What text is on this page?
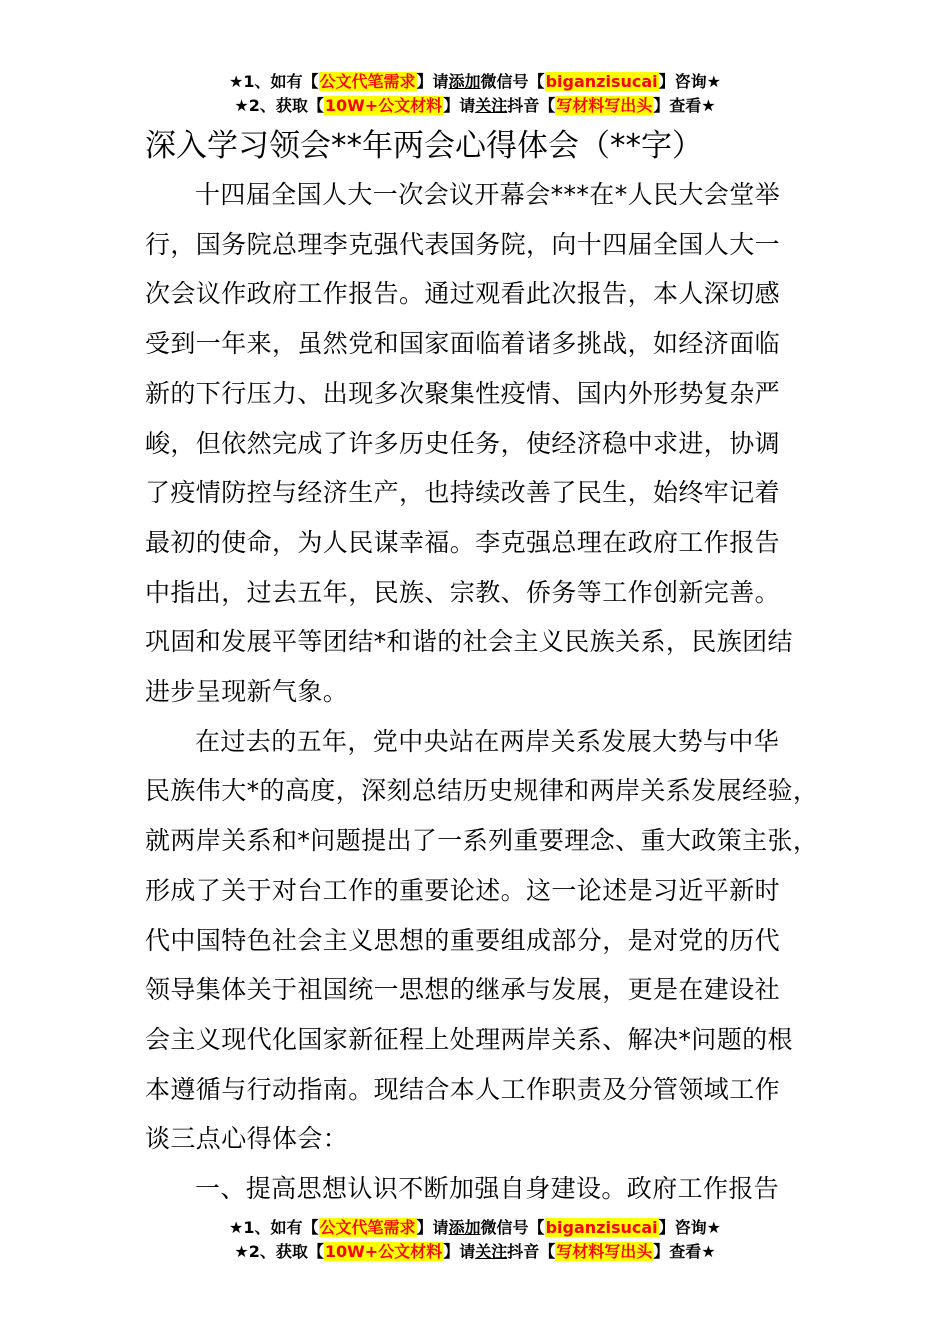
★1、如有【公文代笔需求】请添加微信号【biganzisucai】咨询★
★2、获取【10W+公文材料】请关注抖音【写材料写出头】查看★
深入学习领会**年两会心得体会（**字）

十四届全国人大一次会议开幕会***在*人民大会堂举
行，国务院总理李克强代表国务院，向十四届全国人大一
次会议作政府工作报告。通过观看此次报告，本人深切感
受到一年来，虽然党和国家面临着诸多挑战，如经济面临
新的下行压力、出现多次聚集性疫情、国内外形势复杂严
峻，但依然完成了许多历史任务，使经济稳中求进，协调
了疫情防控与经济生产，也持续改善了民生，始终牢记着
最初的使命，为人民谋幸福。李克强总理在政府工作报告
中指出，过去五年，民族、宗教、侨务等工作创新完善。
巩固和发展平等团结*和谐的社会主义民族关系，民族团结
进步呈现新气象。

在过去的五年，党中央站在两岸关系发展大势与中华
民族伟大*的高度，深刻总结历史规律和两岸关系发展经验，
就两岸关系和*问题提出了一系列重要理念、重大政策主张，
形成了关于对台工作的重要论述。这一论述是习近平新时
代中国特色社会主义思想的重要组成部分，是对党的历代
领导集体关于祖国统一思想的继承与发展，更是在建设社
会主义现代化国家新征程上处理两岸关系、解决*问题的根
本遵循与行动指南。现结合本人工作职责及分管领域工作
谈三点心得体会：

一、提高思想认识不断加强自身建设。政府工作报告

★1、如有【公文代笔需求】请添加微信号【biganzisucai】咨询★
★2、获取【10W+公文材料】请关注抖音【写材料写出头】查看★
